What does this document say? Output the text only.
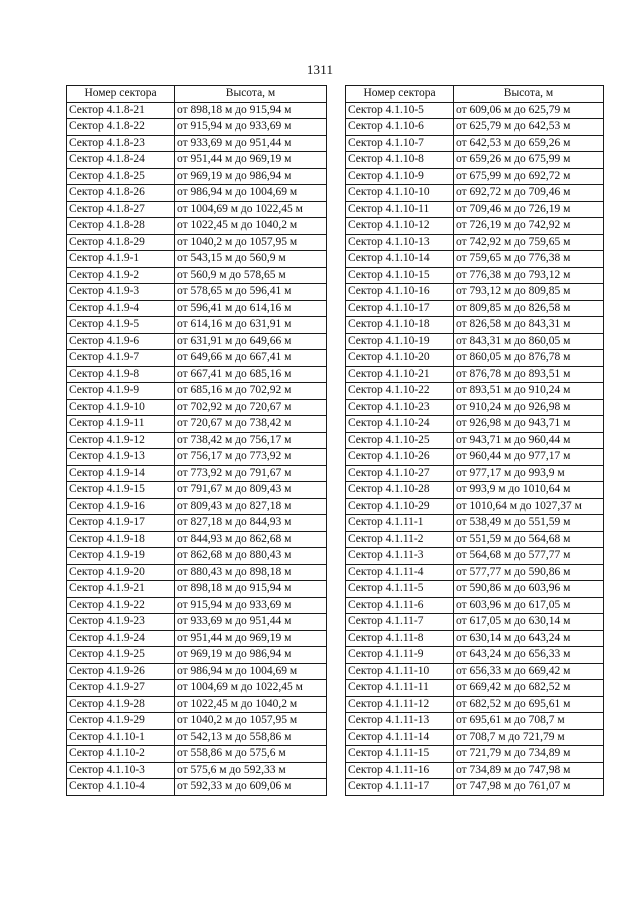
1311
Номер сектора	Высота, м
Сектор 4.1.8-21	от 898,18 м до 915,94 м
Сектор 4.1.8-22	от 915,94 м до 933,69 м
Сектор 4.1.8-23	от 933,69 м до 951,44 м
Сектор 4.1.8-24	от 951,44 м до 969,19 м
Сектор 4.1.8-25	от 969,19 м до 986,94 м
Сектор 4.1.8-26	от 986,94 м до 1004,69 м
Сектор 4.1.8-27	от 1004,69 м до 1022,45 м
Сектор 4.1.8-28	от 1022,45 м до 1040,2 м
Сектор 4.1.8-29	от 1040,2 м до 1057,95 м
Сектор 4.1.9-1	от 543,15 м до 560,9 м
Сектор 4.1.9-2	от 560,9 м до 578,65 м
Сектор 4.1.9-3	от 578,65 м до 596,41 м
Сектор 4.1.9-4	от 596,41 м до 614,16 м
Сектор 4.1.9-5	от 614,16 м до 631,91 м
Сектор 4.1.9-6	от 631,91 м до 649,66 м
Сектор 4.1.9-7	от 649,66 м до 667,41 м
Сектор 4.1.9-8	от 667,41 м до 685,16 м
Сектор 4.1.9-9	от 685,16 м до 702,92 м
Сектор 4.1.9-10	от 702,92 м до 720,67 м
Сектор 4.1.9-11	от 720,67 м до 738,42 м
Сектор 4.1.9-12	от 738,42 м до 756,17 м
Сектор 4.1.9-13	от 756,17 м до 773,92 м
Сектор 4.1.9-14	от 773,92 м до 791,67 м
Сектор 4.1.9-15	от 791,67 м до 809,43 м
Сектор 4.1.9-16	от 809,43 м до 827,18 м
Сектор 4.1.9-17	от 827,18 м до 844,93 м
Сектор 4.1.9-18	от 844,93 м до 862,68 м
Сектор 4.1.9-19	от 862,68 м до 880,43 м
Сектор 4.1.9-20	от 880,43 м до 898,18 м
Сектор 4.1.9-21	от 898,18 м до 915,94 м
Сектор 4.1.9-22	от 915,94 м до 933,69 м
Сектор 4.1.9-23	от 933,69 м до 951,44 м
Сектор 4.1.9-24	от 951,44 м до 969,19 м
Сектор 4.1.9-25	от 969,19 м до 986,94 м
Сектор 4.1.9-26	от 986,94 м до 1004,69 м
Сектор 4.1.9-27	от 1004,69 м до 1022,45 м
Сектор 4.1.9-28	от 1022,45 м до 1040,2 м
Сектор 4.1.9-29	от 1040,2 м до 1057,95 м
Сектор 4.1.10-1	от 542,13 м до 558,86 м
Сектор 4.1.10-2	от 558,86 м до 575,6 м
Сектор 4.1.10-3	от 575,6 м до 592,33 м
Сектор 4.1.10-4	от 592,33 м до 609,06 м
Номер сектора	Высота, м
Сектор 4.1.10-5	от 609,06 м до 625,79 м
Сектор 4.1.10-6	от 625,79 м до 642,53 м
Сектор 4.1.10-7	от 642,53 м до 659,26 м
Сектор 4.1.10-8	от 659,26 м до 675,99 м
Сектор 4.1.10-9	от 675,99 м до 692,72 м
Сектор 4.1.10-10	от 692,72 м до 709,46 м
Сектор 4.1.10-11	от 709,46 м до 726,19 м
Сектор 4.1.10-12	от 726,19 м до 742,92 м
Сектор 4.1.10-13	от 742,92 м до 759,65 м
Сектор 4.1.10-14	от 759,65 м до 776,38 м
Сектор 4.1.10-15	от 776,38 м до 793,12 м
Сектор 4.1.10-16	от 793,12 м до 809,85 м
Сектор 4.1.10-17	от 809,85 м до 826,58 м
Сектор 4.1.10-18	от 826,58 м до 843,31 м
Сектор 4.1.10-19	от 843,31 м до 860,05 м
Сектор 4.1.10-20	от 860,05 м до 876,78 м
Сектор 4.1.10-21	от 876,78 м до 893,51 м
Сектор 4.1.10-22	от 893,51 м до 910,24 м
Сектор 4.1.10-23	от 910,24 м до 926,98 м
Сектор 4.1.10-24	от 926,98 м до 943,71 м
Сектор 4.1.10-25	от 943,71 м до 960,44 м
Сектор 4.1.10-26	от 960,44 м до 977,17 м
Сектор 4.1.10-27	от 977,17 м до 993,9 м
Сектор 4.1.10-28	от 993,9 м до 1010,64 м
Сектор 4.1.10-29	от 1010,64 м до 1027,37 м
Сектор 4.1.11-1	от 538,49 м до 551,59 м
Сектор 4.1.11-2	от 551,59 м до 564,68 м
Сектор 4.1.11-3	от 564,68 м до 577,77 м
Сектор 4.1.11-4	от 577,77 м до 590,86 м
Сектор 4.1.11-5	от 590,86 м до 603,96 м
Сектор 4.1.11-6	от 603,96 м до 617,05 м
Сектор 4.1.11-7	от 617,05 м до 630,14 м
Сектор 4.1.11-8	от 630,14 м до 643,24 м
Сектор 4.1.11-9	от 643,24 м до 656,33 м
Сектор 4.1.11-10	от 656,33 м до 669,42 м
Сектор 4.1.11-11	от 669,42 м до 682,52 м
Сектор 4.1.11-12	от 682,52 м до 695,61 м
Сектор 4.1.11-13	от 695,61 м до 708,7 м
Сектор 4.1.11-14	от 708,7 м до 721,79 м
Сектор 4.1.11-15	от 721,79 м до 734,89 м
Сектор 4.1.11-16	от 734,89 м до 747,98 м
Сектор 4.1.11-17	от 747,98 м до 761,07 м
